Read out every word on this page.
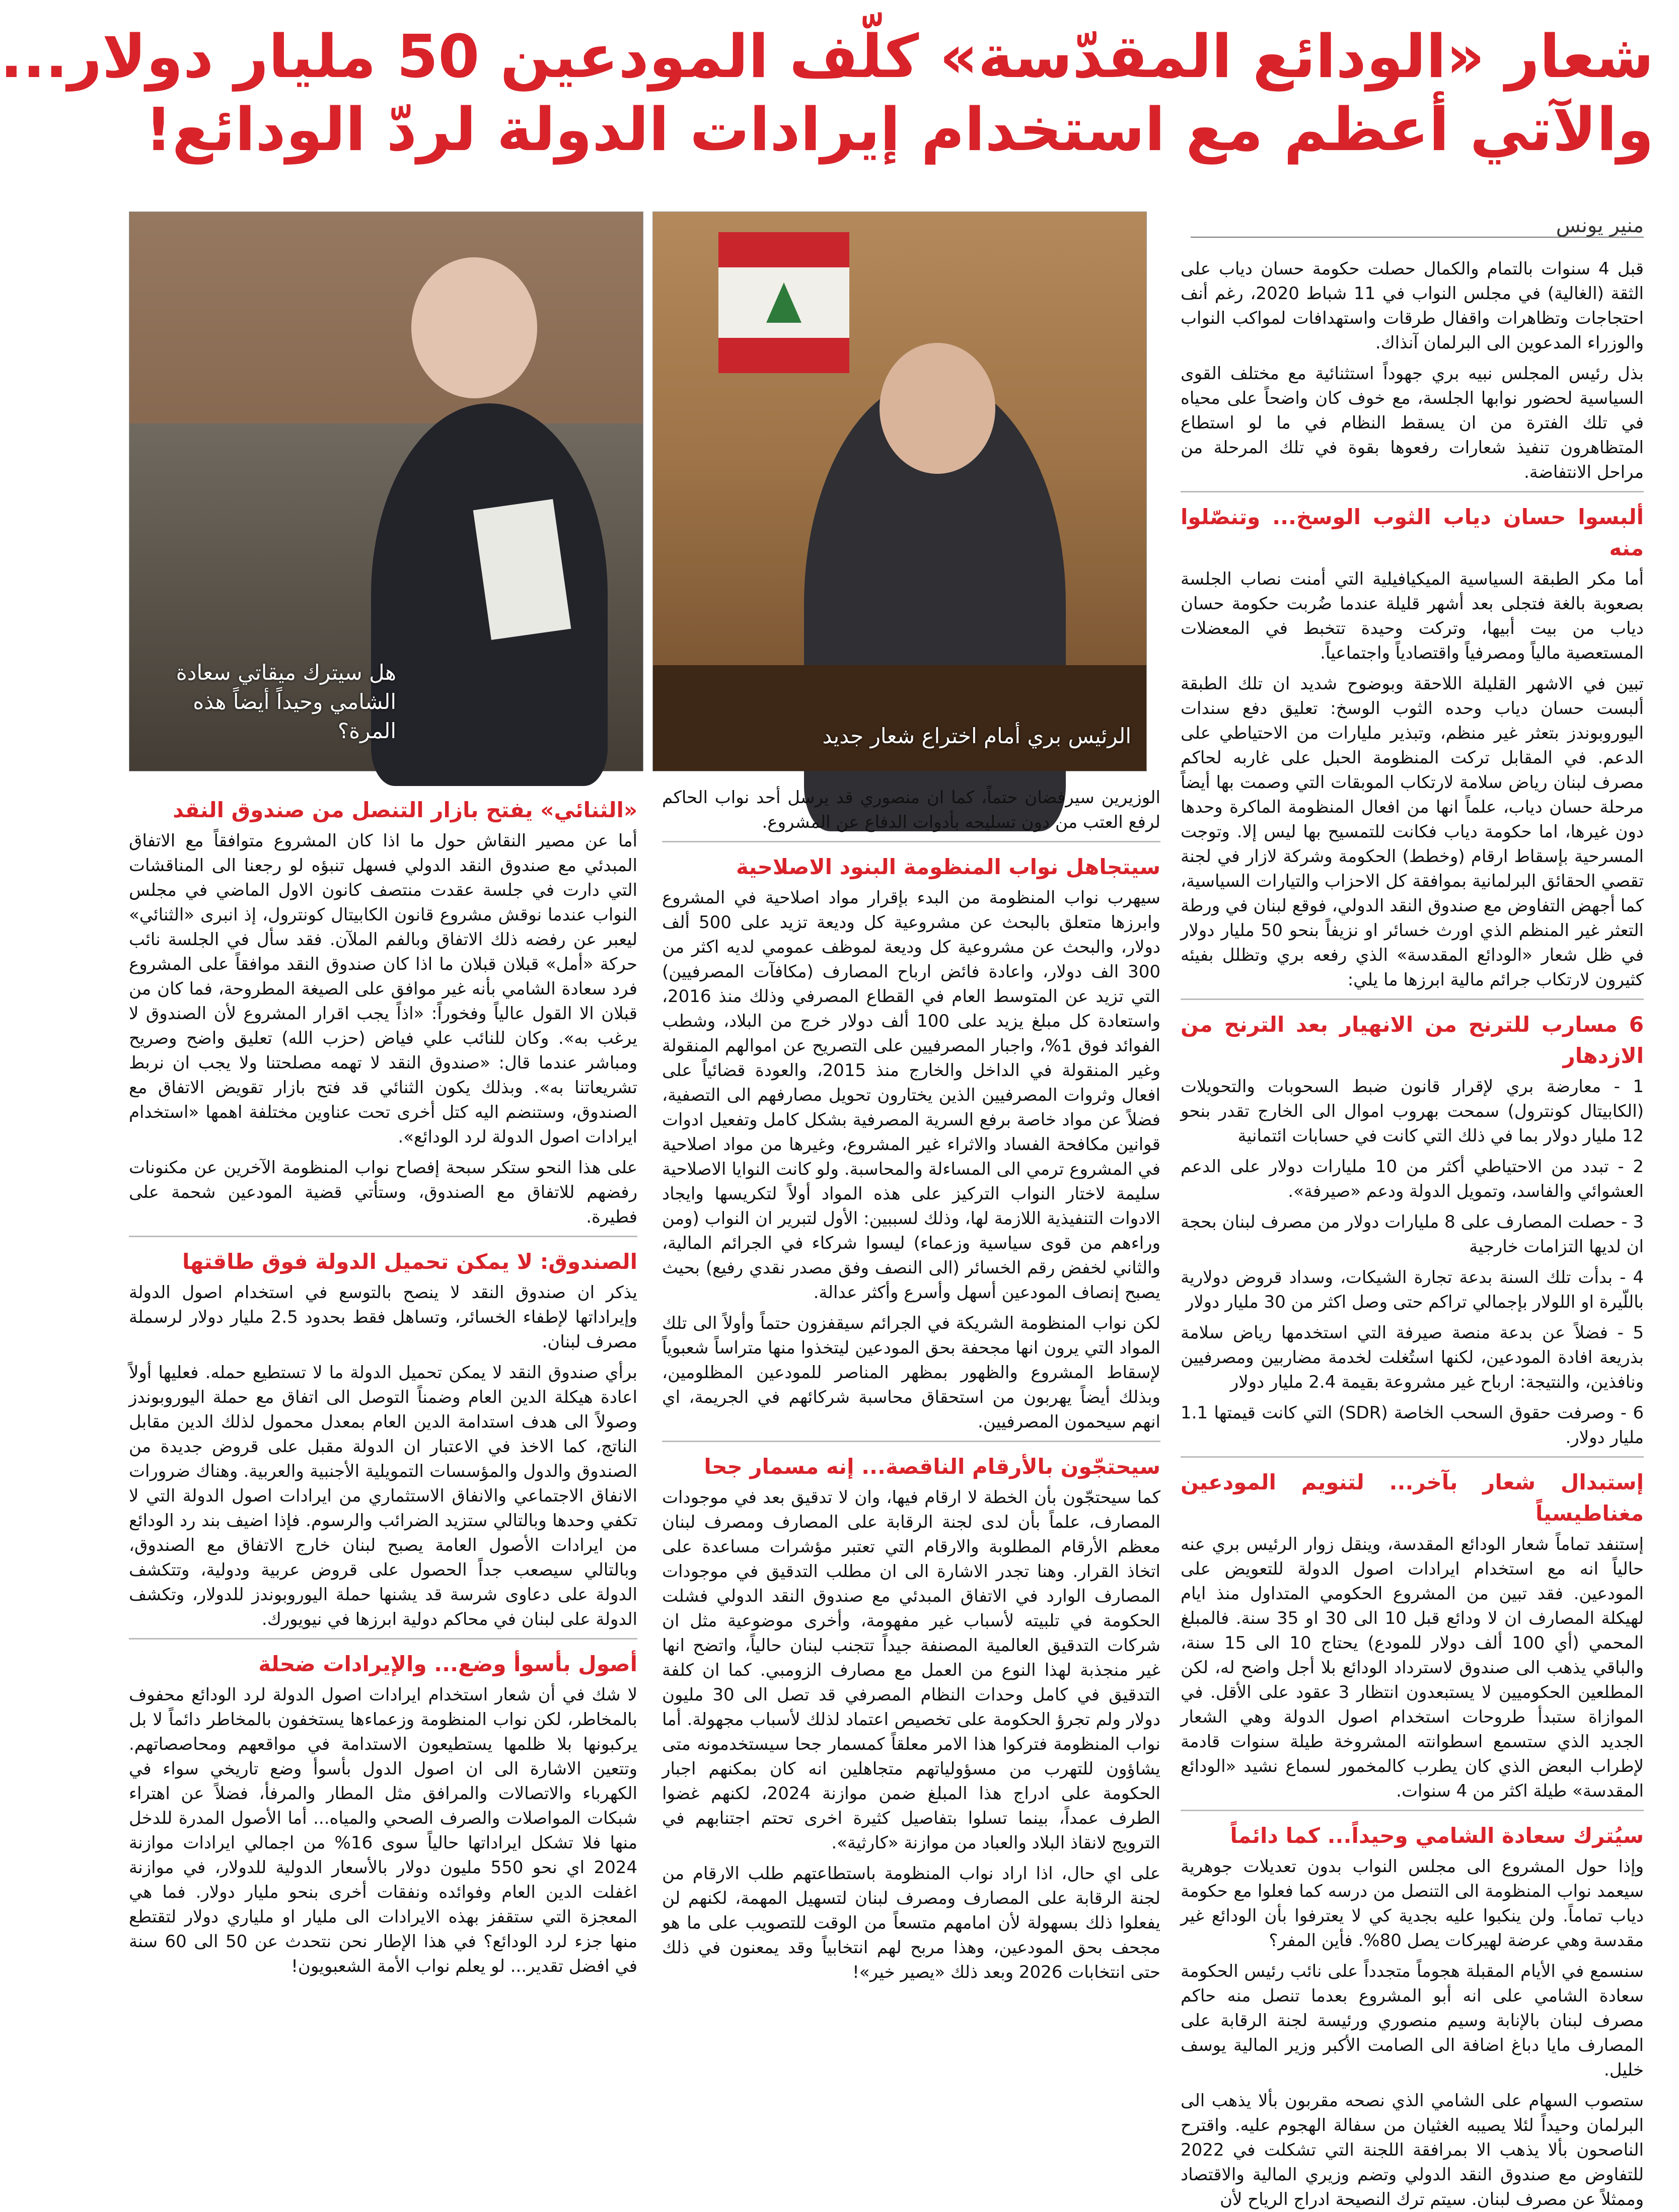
شعار «الودائع المقدّسة» كلّف المودعين 50 مليار دولار...
والآتي أعظم مع استخدام إيرادات الدولة لردّ الودائع!
منير يونس
الرئيس بري أمام اختراع شعار جديد
هل سيترك ميقاتي سعادة الشامي وحيداً أيضاً هذه المرة؟

قبل 4 سنوات بالتمام والكمال حصلت حكومة حسان دياب على الثقة (الغالية) في مجلس النواب في 11 شباط 2020، رغم أنف احتجاجات وتظاهرات واقفال طرقات واستهدافات لمواكب النواب والوزراء المدعوين الى البرلمان آنذاك.

بذل رئيس المجلس نبيه بري جهوداً استثنائية مع مختلف القوى السياسية لحضور نوابها الجلسة، مع خوف كان واضحاً على محياه في تلك الفترة من ان يسقط النظام في ما لو استطاع المتظاهرون تنفيذ شعارات رفعوها بقوة في تلك المرحلة من مراحل الانتفاضة.

ألبسوا حسان دياب الثوب الوسخ... وتنصّلوا منه

أما مكر الطبقة السياسية الميكيافيلية التي أمنت نصاب الجلسة بصعوبة بالغة فتجلى بعد أشهر قليلة عندما ضُربت حكومة حسان دياب من بيت أبيها، وتركت وحيدة تتخبط في المعضلات المستعصية مالياً ومصرفياً واقتصادياً واجتماعياً.

تبين في الاشهر القليلة اللاحقة وبوضوح شديد ان تلك الطبقة ألبست حسان دياب وحده الثوب الوسخ: تعليق دفع سندات اليوروبوندز بتعثر غير منظم، وتبذير مليارات من الاحتياطي على الدعم. في المقابل تركت المنظومة الحبل على غاربه لحاكم مصرف لبنان رياض سلامة لارتكاب الموبقات التي وصمت بها أيضاً مرحلة حسان دياب، علماً انها من افعال المنظومة الماكرة وحدها دون غيرها، اما حكومة دياب فكانت للتمسيح بها ليس إلا. وتوجت المسرحية بإسقاط ارقام (وخطط) الحكومة وشركة لازار في لجنة تقصي الحقائق البرلمانية بموافقة كل الاحزاب والتيارات السياسية، كما أجهض التفاوض مع صندوق النقد الدولي، فوقع لبنان في ورطة التعثر غير المنظم الذي اورث خسائر او نزيفاً بنحو 50 مليار دولار في ظل شعار «الودائع المقدسة» الذي رفعه بري وتظلل بفيئه كثيرون لارتكاب جرائم مالية ابرزها ما يلي:

6 مسارب للترنح من الانهيار بعد الترنح من الازدهار

1 - معارضة بري لإقرار قانون ضبط السحوبات والتحويلات (الكابيتال كونترول) سمحت بهروب اموال الى الخارج تقدر بنحو 12 مليار دولار بما في ذلك التي كانت في حسابات ائتمانية

2 - تبدد من الاحتياطي أكثر من 10 مليارات دولار على الدعم العشوائي والفاسد، وتمويل الدولة ودعم «صيرفة».

3 - حصلت المصارف على 8 مليارات دولار من مصرف لبنان بحجة ان لديها التزامات خارجية

4 - بدأت تلك السنة بدعة تجارة الشيكات، وسداد قروض دولارية باللّيرة او اللولار بإجمالي تراكم حتى وصل اكثر من 30 مليار دولار

5 - فضلاً عن بدعة منصة صيرفة التي استخدمها رياض سلامة بذريعة افادة المودعين، لكنها استُغلت لخدمة مضاربين ومصرفيين ونافذين، والنتيجة: ارباح غير مشروعة بقيمة 2.4 مليار دولار

6 - وصرفت حقوق السحب الخاصة (SDR) التي كانت قيمتها 1.1 مليار دولار.

إستبدال شعار بآخر... لتنويم المودعين مغناطيسياً

إستنفد تماماً شعار الودائع المقدسة، وينقل زوار الرئيس بري عنه حالياً انه مع استخدام ايرادات اصول الدولة للتعويض على المودعين. فقد تبين من المشروع الحكومي المتداول منذ ايام لهيكلة المصارف ان لا ودائع قبل 10 الى 30 او 35 سنة. فالمبلغ المحمي (أي 100 ألف دولار للمودع) يحتاج 10 الى 15 سنة، والباقي يذهب الى صندوق لاسترداد الودائع بلا أجل واضح له، لكن المطلعين الحكوميين لا يستبعدون انتظار 3 عقود على الأقل. في الموازاة ستبدأ طروحات استخدام اصول الدولة وهي الشعار الجديد الذي ستسمع اسطوانته المشروخة طيلة سنوات قادمة لإطراب البعض الذي كان يطرب كالمخمور لسماع نشيد «الودائع المقدسة» طيلة اكثر من 4 سنوات.

سيُترك سعادة الشامي وحيداً... كما دائماً

وإذا حول المشروع الى مجلس النواب بدون تعديلات جوهرية سيعمد نواب المنظومة الى التنصل من درسه كما فعلوا مع حكومة دياب تماماً. ولن ينكبوا عليه بجدية كي لا يعترفوا بأن الودائع غير مقدسة وهي عرضة لهيركات يصل 80%. فأين المفر؟

سنسمع في الأيام المقبلة هجوماً متجدداً على نائب رئيس الحكومة سعادة الشامي على انه أبو المشروع بعدما تنصل منه حاكم مصرف لبنان بالإنابة وسيم منصوري ورئيسة لجنة الرقابة على المصارف مايا دباغ اضافة الى الصامت الأكبر وزير المالية يوسف خليل.

ستصوب السهام على الشامي الذي نصحه مقربون بألا يذهب الى البرلمان وحيداً لئلا يصيبه الغثيان من سفالة الهجوم عليه. واقترح الناصحون بألا يذهب الا بمرافقة اللجنة التي تشكلت في 2022 للتفاوض مع صندوق النقد الدولي وتضم وزيري المالية والاقتصاد وممثلاً عن مصرف لبنان. سيتم ترك النصيحة ادراج الرياح لأن

الوزيرين سيرفضان حتماً، كما ان منصوري قد يرسل أحد نواب الحاكم لرفع العتب من دون تسليحه بأدوات الدفاع عن المشروع.

سيتجاهل نواب المنظومة البنود الاصلاحية

سيهرب نواب المنظومة من البدء بإقرار مواد اصلاحية في المشروع وابرزها متعلق بالبحث عن مشروعية كل وديعة تزيد على 500 ألف دولار، والبحث عن مشروعية كل وديعة لموظف عمومي لديه اكثر من 300 الف دولار، واعادة فائض ارباح المصارف (مكافآت المصرفيين) التي تزيد عن المتوسط العام في القطاع المصرفي وذلك منذ 2016، واستعادة كل مبلغ يزيد على 100 ألف دولار خرج من البلاد، وشطب الفوائد فوق 1%، واجبار المصرفيين على التصريح عن اموالهم المنقولة وغير المنقولة في الداخل والخارج منذ 2015، والعودة قضائياً على افعال وثروات المصرفيين الذين يختارون تحويل مصارفهم الى التصفية، فضلاً عن مواد خاصة برفع السرية المصرفية بشكل كامل وتفعيل ادوات قوانين مكافحة الفساد والاثراء غير المشروع، وغيرها من مواد اصلاحية في المشروع ترمي الى المساءلة والمحاسبة. ولو كانت النوايا الاصلاحية سليمة لاختار النواب التركيز على هذه المواد أولاً لتكريسها وايجاد الادوات التنفيذية اللازمة لها، وذلك لسببين: الأول لتبرير ان النواب (ومن وراءهم من قوى سياسية وزعماء) ليسوا شركاء في الجرائم المالية، والثاني لخفض رقم الخسائر (الى النصف وفق مصدر نقدي رفيع) بحيث يصبح إنصاف المودعين أسهل وأسرع وأكثر عدالة.

لكن نواب المنظومة الشريكة في الجرائم سيقفزون حتماً وأولاً الى تلك المواد التي يرون انها مجحفة بحق المودعين ليتخذوا منها متراساً شعبوياً لإسقاط المشروع والظهور بمظهر المناصر للمودعين المظلومين، وبذلك أيضاً يهربون من استحقاق محاسبة شركائهم في الجريمة، اي انهم سيحمون المصرفيين.

سيحتجّون بالأرقام الناقصة... إنه مسمار جحا

كما سيحتجّون بأن الخطة لا ارقام فيها، وان لا تدقيق بعد في موجودات المصارف، علماً بأن لدى لجنة الرقابة على المصارف ومصرف لبنان معظم الأرقام المطلوبة والارقام التي تعتبر مؤشرات مساعدة على اتخاذ القرار. وهنا تجدر الاشارة الى ان مطلب التدقيق في موجودات المصارف الوارد في الاتفاق المبدئي مع صندوق النقد الدولي فشلت الحكومة في تلبيته لأسباب غير مفهومة، وأخرى موضوعية مثل ان شركات التدقيق العالمية المصنفة جيداً تتجنب لبنان حالياً، واتضح انها غير منجذبة لهذا النوع من العمل مع مصارف الزومبي. كما ان كلفة التدقيق في كامل وحدات النظام المصرفي قد تصل الى 30 مليون دولار ولم تجرؤ الحكومة على تخصيص اعتماد لذلك لأسباب مجهولة. أما نواب المنظومة فتركوا هذا الامر معلقاً كمسمار جحا سيستخدمونه متى يشاؤون للتهرب من مسؤولياتهم متجاهلين انه كان بمكنهم اجبار الحكومة على ادراج هذا المبلغ ضمن موازنة 2024، لكنهم غضوا الطرف عمداً، بينما تسلوا بتفاصيل كثيرة اخرى تحتم اجتنابهم في الترويج لانقاذ البلاد والعباد من موازنة «كارثية».

على اي حال، اذا اراد نواب المنظومة باستطاعتهم طلب الارقام من لجنة الرقابة على المصارف ومصرف لبنان لتسهيل المهمة، لكنهم لن يفعلوا ذلك بسهولة لأن امامهم متسعاً من الوقت للتصويب على ما هو مجحف بحق المودعين، وهذا مربح لهم انتخابياً وقد يمعنون في ذلك حتى انتخابات 2026 وبعد ذلك «يصير خير»!

«الثنائي» يفتح بازار التنصل من صندوق النقد

أما عن مصير النقاش حول ما اذا كان المشروع متوافقاً مع الاتفاق المبدئي مع صندوق النقد الدولي فسهل تنبؤه لو رجعنا الى المناقشات التي دارت في جلسة عقدت منتصف كانون الاول الماضي في مجلس النواب عندما نوقش مشروع قانون الكابيتال كونترول، إذ انبرى «الثنائي» ليعبر عن رفضه ذلك الاتفاق وبالفم الملآن. فقد سأل في الجلسة نائب حركة «أمل» قبلان قبلان ما اذا كان صندوق النقد موافقاً على المشروع فرد سعادة الشامي بأنه غير موافق على الصيغة المطروحة، فما كان من قبلان الا القول عالياً وفخوراً: «اذاً يجب اقرار المشروع لأن الصندوق لا يرغب به». وكان للنائب علي فياض (حزب الله) تعليق واضح وصريح ومباشر عندما قال: «صندوق النقد لا تهمه مصلحتنا ولا يجب ان نربط تشريعاتنا به». وبذلك يكون الثنائي قد فتح بازار تقويض الاتفاق مع الصندوق، وستنضم اليه كتل أخرى تحت عناوين مختلفة اهمها «استخدام ايرادات اصول الدولة لرد الودائع».

على هذا النحو ستكر سبحة إفصاح نواب المنظومة الآخرين عن مكنونات رفضهم للاتفاق مع الصندوق، وستأتي قضية المودعين شحمة على فطيرة.

الصندوق: لا يمكن تحميل الدولة فوق طاقتها

يذكر ان صندوق النقد لا ينصح بالتوسع في استخدام اصول الدولة وإيراداتها لإطفاء الخسائر، وتساهل فقط بحدود 2.5 مليار دولار لرسملة مصرف لبنان.

برأي صندوق النقد لا يمكن تحميل الدولة ما لا تستطيع حمله. فعليها أولاً اعادة هيكلة الدين العام وضمناً التوصل الى اتفاق مع حملة اليوروبوندز وصولاً الى هدف استدامة الدين العام بمعدل محمول لذلك الدين مقابل الناتج، كما الاخذ في الاعتبار ان الدولة مقبل على قروض جديدة من الصندوق والدول والمؤسسات التمويلية الأجنبية والعربية. وهناك ضرورات الانفاق الاجتماعي والانفاق الاستثماري من ايرادات اصول الدولة التي لا تكفي وحدها وبالتالي ستزيد الضرائب والرسوم. فإذا اضيف بند رد الودائع من ايرادات الأصول العامة يصبح لبنان خارج الاتفاق مع الصندوق، وبالتالي سيصعب جداً الحصول على قروض عربية ودولية، وتتكشف الدولة على دعاوى شرسة قد يشنها حملة اليوروبوندز للدولار، وتكشف الدولة على لبنان في محاكم دولية ابرزها في نيويورك.

أصول بأسوأ وضع... والإيرادات ضحلة

لا شك في أن شعار استخدام ايرادات اصول الدولة لرد الودائع محفوف بالمخاطر، لكن نواب المنظومة وزعماءها يستخفون بالمخاطر دائماً لا بل يركبونها بلا ظلمها يستطيعون الاستدامة في مواقعهم ومحاصصاتهم. وتتعين الاشارة الى ان اصول الدول بأسوأ وضع تاريخي سواء في الكهرباء والاتصالات والمرافق مثل المطار والمرفأ، فضلاً عن اهتراء شبكات المواصلات والصرف الصحي والمياه... أما الأصول المدرة للدخل منها فلا تشكل ايراداتها حالياً سوى 16% من اجمالي ايرادات موازنة 2024 اي نحو 550 مليون دولار بالأسعار الدولية للدولار، في موازنة اغفلت الدين العام وفوائده ونفقات أخرى بنحو مليار دولار. فما هي المعجزة التي ستقفز بهذه الايرادات الى مليار او ملياري دولار لتقتطع منها جزء لرد الودائع؟ في هذا الإطار نحن نتحدث عن 50 الى 60 سنة في افضل تقدير... لو يعلم نواب الأمة الشعبويون!
